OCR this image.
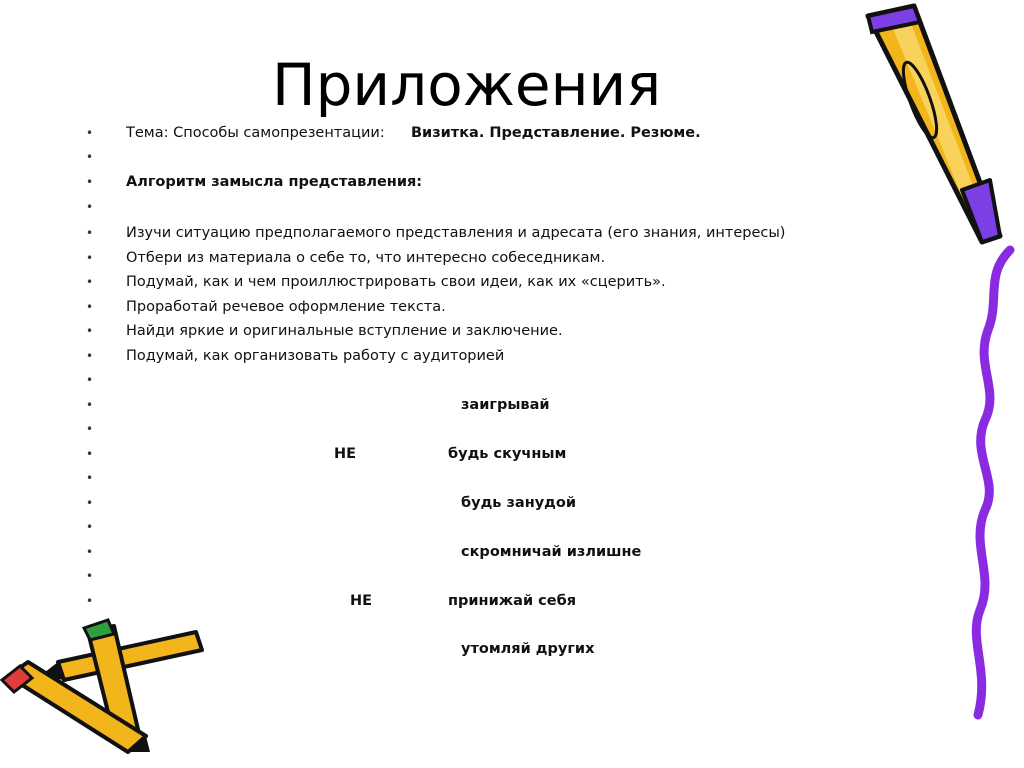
Приложения
• Тема: Способы самопрезентации: Визитка. Представление. Резюме.
•
• Алгоритм замысла представления:
•
• Изучи ситуацию предполагаемого представления и адресата (его знания, интересы)
• Отбери из материала о себе то, что интересно собеседникам.
• Подумай, как и чем проиллюстрировать свои идеи, как их «сцерить».
• Проработай речевое оформление текста.
• Найди яркие и оригинальные вступление и заключение.
• Подумай, как организовать работу с аудиторией
•
•	заигрывай
•
•	НЕ	будь скучным
•
•	будь занудой
•
•	скромничай излишне
•
•	НЕ	принижай себя
утомляй других
